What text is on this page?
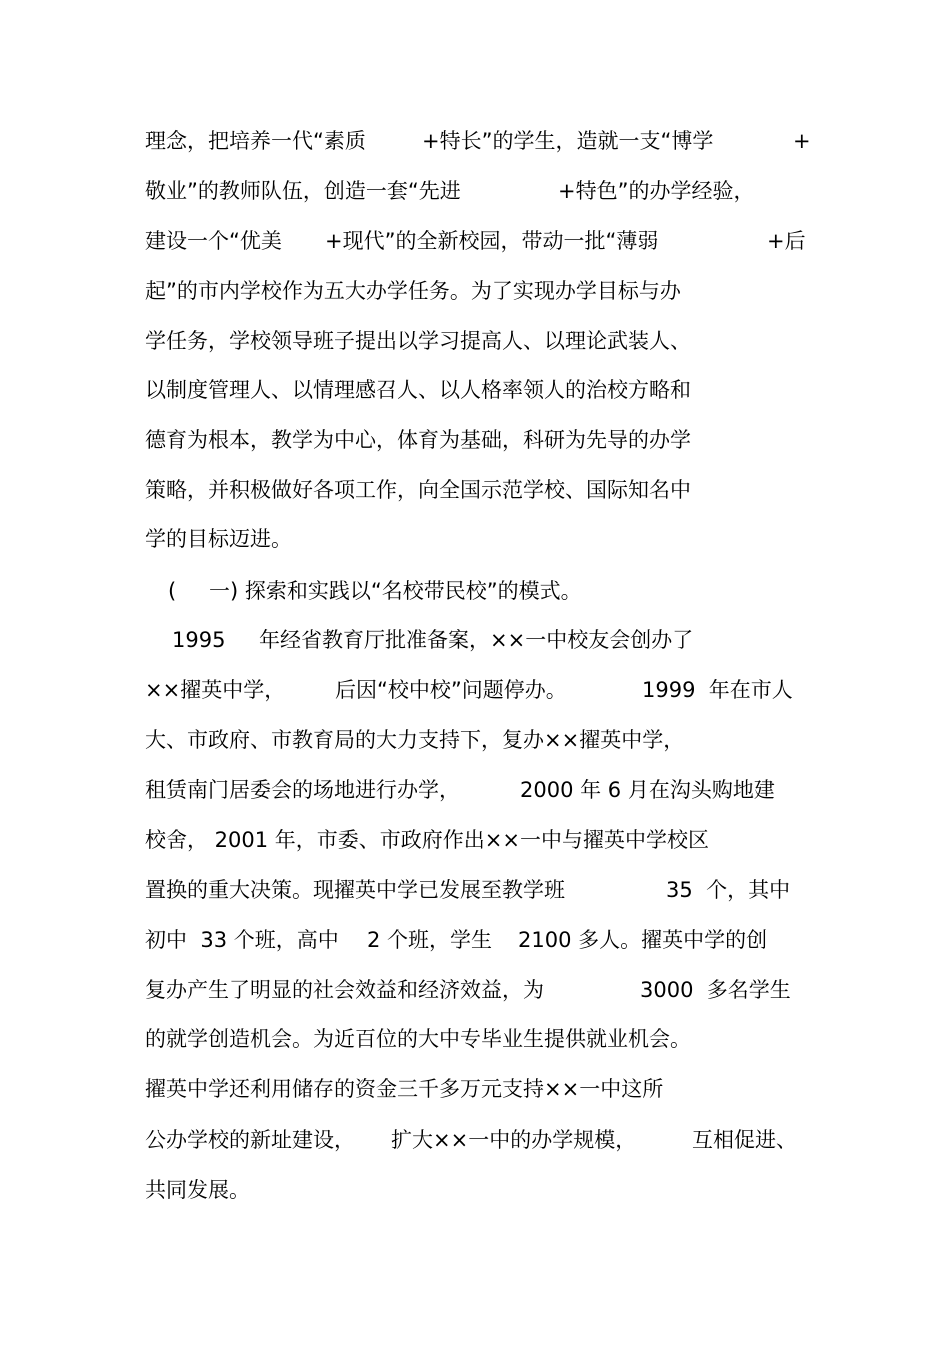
理念，把培养一代“素质

	+特长”的学生，造就一支“博学

	+

敬业”的教师队伍，创造一套“先进

	+特色”的办学经验，

建设一个“优美

+现代”的全新校园，带动一批“薄弱

	+后

起”的市内学校作为五大办学任务。为了实现办学目标与办

学任务，学校领导班子提出以学习提高人、以理论武装人、

以制度管理人、以情理感召人、以人格率领人的治校方略和

德育为根本，教学为中心，体育为基础，科研为先导的办学

策略，并积极做好各项工作，向全国示范学校、国际知名中

学的目标迈进。

(

一) 探索和实践以“名校带民校”的模式。

1995

年经省教育厅批准备案，××一中校友会创办了

××擢英中学，

后因“校中校”问题停办。

	1999  年在市人

大、市政府、市教育局的大力支持下，复办××擢英中学，

租赁南门居委会的场地进行办学，

	2000 年 6 月在沟头购地建

校舍， 2001 年，市委、市政府作出××一中与擢英中学校区

置换的重大决策。现擢英中学已发展至教学班

	35  个，其中

初中  33 个班，高中

2 个班，学生

2100 多人。擢英中学的创

复办产生了明显的社会效益和经济效益，为

	3000  多名学生

的就学创造机会。为近百位的大中专毕业生提供就业机会。

擢英中学还利用储存的资金三千多万元支持××一中这所

公办学校的新址建设，

扩大××一中的办学规模，

	互相促进、

共同发展。
